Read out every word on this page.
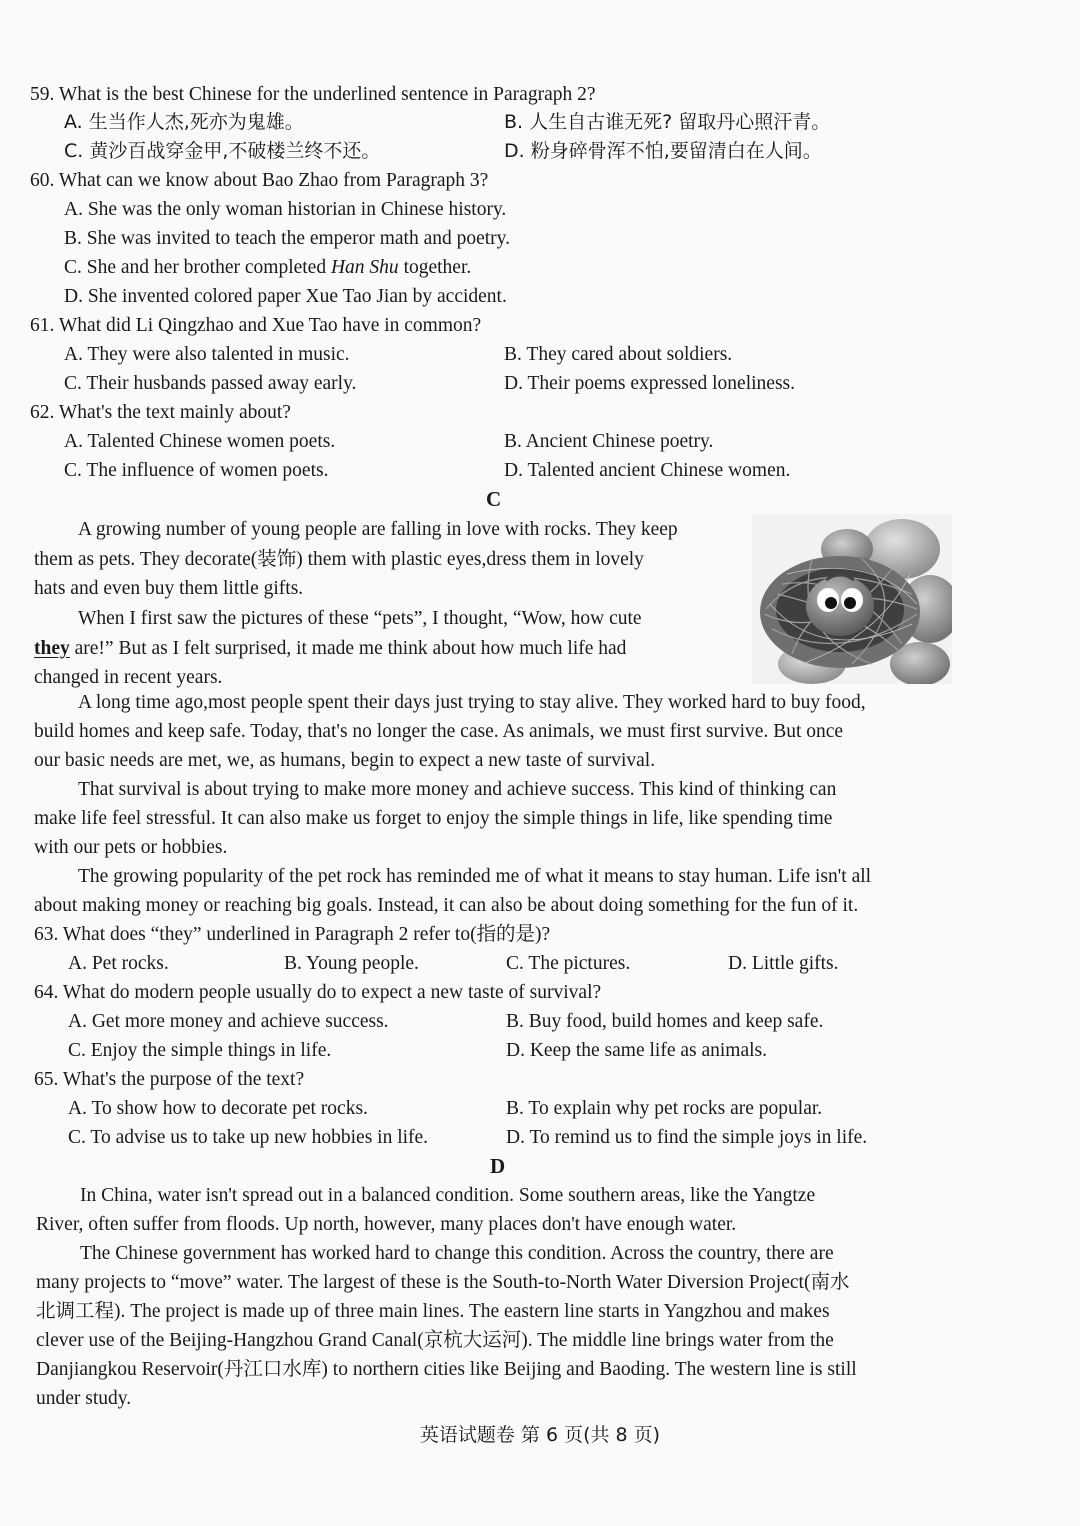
59. What is the best Chinese for the underlined sentence in Paragraph 2?
A. 生当作人杰,死亦为鬼雄。	B. 人生自古谁无死? 留取丹心照汗青。
C. 黄沙百战穿金甲,不破楼兰终不还。	D. 粉身碎骨浑不怕,要留清白在人间。
60. What can we know about Bao Zhao from Paragraph 3?
A. She was the only woman historian in Chinese history.
B. She was invited to teach the emperor math and poetry.
C. She and her brother completed Han Shu together.
D. She invented colored paper Xue Tao Jian by accident.
61. What did Li Qingzhao and Xue Tao have in common?
A. They were also talented in music.	B. They cared about soldiers.
C. Their husbands passed away early.	D. Their poems expressed loneliness.
62. What's the text mainly about?
A. Talented Chinese women poets.	B. Ancient Chinese poetry.
C. The influence of women poets.	D. Talented ancient Chinese women.
C
A growing number of young people are falling in love with rocks. They keep
them as pets. They decorate(装饰) them with plastic eyes,dress them in lovely
hats and even buy them little gifts.
When I first saw the pictures of these “pets”, I thought, “Wow, how cute
they are!” But as I felt surprised, it made me think about how much life had
changed in recent years.
A long time ago,most people spent their days just trying to stay alive. They worked hard to buy food,
build homes and keep safe. Today, that's no longer the case. As animals, we must first survive. But once
our basic needs are met, we, as humans, begin to expect a new taste of survival.
That survival is about trying to make more money and achieve success. This kind of thinking can
make life feel stressful. It can also make us forget to enjoy the simple things in life, like spending time
with our pets or hobbies.
The growing popularity of the pet rock has reminded me of what it means to stay human. Life isn't all
about making money or reaching big goals. Instead, it can also be about doing something for the fun of it.
63. What does “they” underlined in Paragraph 2 refer to(指的是)?
A. Pet rocks.	B. Young people.	C. The pictures.	D. Little gifts.
64. What do modern people usually do to expect a new taste of survival?
A. Get more money and achieve success.	B. Buy food, build homes and keep safe.
C. Enjoy the simple things in life.	D. Keep the same life as animals.
65. What's the purpose of the text?
A. To show how to decorate pet rocks.	B. To explain why pet rocks are popular.
C. To advise us to take up new hobbies in life.	D. To remind us to find the simple joys in life.
D
In China, water isn't spread out in a balanced condition. Some southern areas, like the Yangtze
River, often suffer from floods. Up north, however, many places don't have enough water.
The Chinese government has worked hard to change this condition. Across the country, there are
many projects to “move” water. The largest of these is the South-to-North Water Diversion Project(南水
北调工程). The project is made up of three main lines. The eastern line starts in Yangzhou and makes
clever use of the Beijing-Hangzhou Grand Canal(京杭大运河). The middle line brings water from the
Danjiangkou Reservoir(丹江口水库) to northern cities like Beijing and Baoding. The western line is still
under study.
英语试题卷 第 6 页(共 8 页)
